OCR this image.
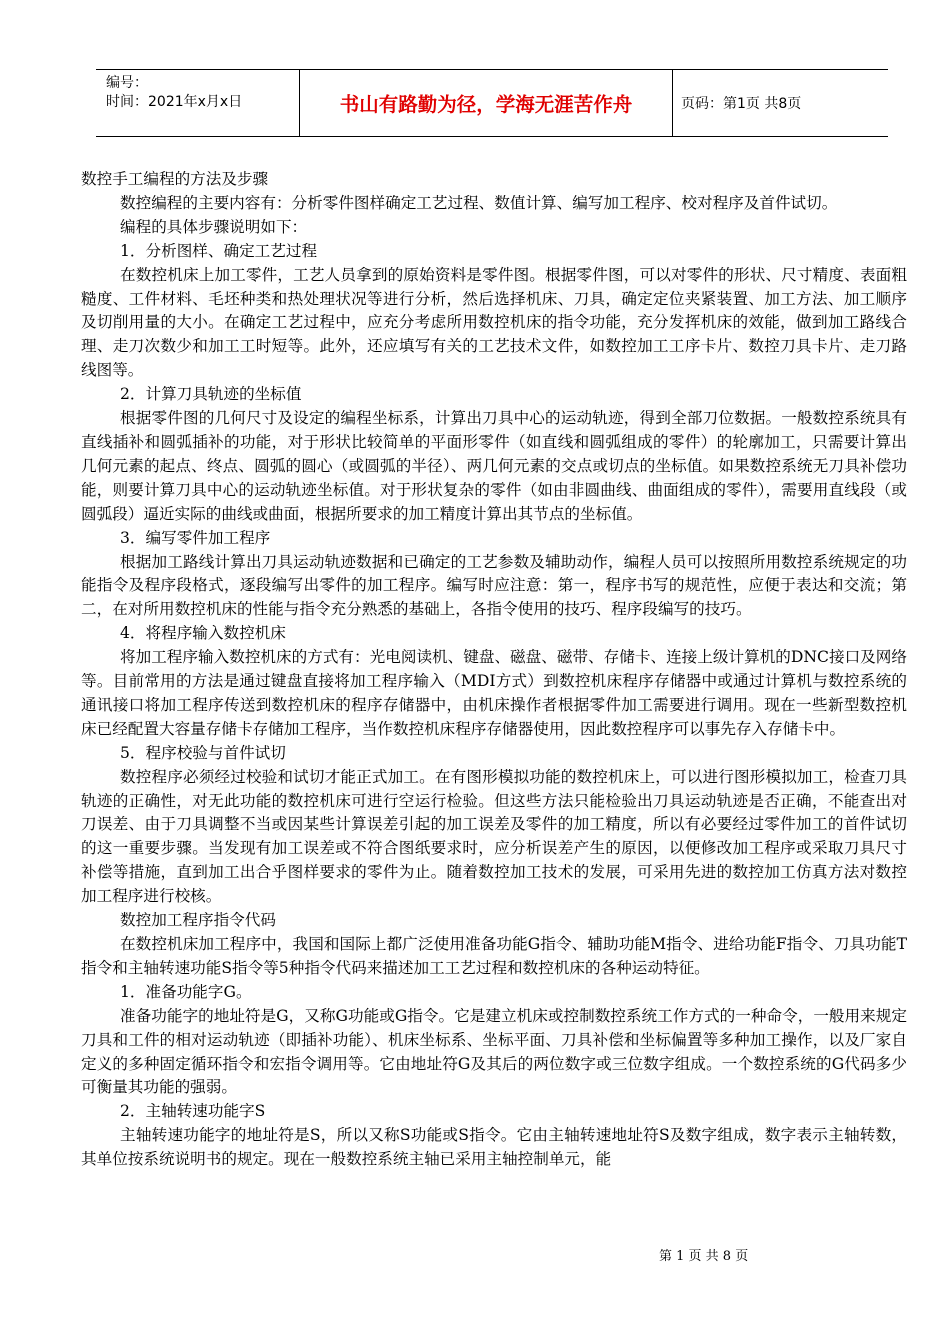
编号：
时间：2021年x月x日	书山有路勤为径，学海无涯苦作舟	页码：第1页 共8页

数控手工编程的方法及步骤

数控编程的主要内容有：分析零件图样确定工艺过程、数值计算、编写加工程序、校对程序及首件试切。

编程的具体步骤说明如下：

1．分析图样、确定工艺过程

在数控机床上加工零件，工艺人员拿到的原始资料是零件图。根据零件图，可以对零件的形状、尺寸精度、表面粗糙度、工件材料、毛坯种类和热处理状况等进行分析，然后选择机床、刀具，确定定位夹紧装置、加工方法、加工顺序及切削用量的大小。在确定工艺过程中，应充分考虑所用数控机床的指令功能，充分发挥机床的效能，做到加工路线合理、走刀次数少和加工工时短等。此外，还应填写有关的工艺技术文件，如数控加工工序卡片、数控刀具卡片、走刀路线图等。

2．计算刀具轨迹的坐标值

根据零件图的几何尺寸及设定的编程坐标系，计算出刀具中心的运动轨迹，得到全部刀位数据。一般数控系统具有直线插补和圆弧插补的功能，对于形状比较简单的平面形零件（如直线和圆弧组成的零件）的轮廓加工，只需要计算出几何元素的起点、终点、圆弧的圆心（或圆弧的半径）、两几何元素的交点或切点的坐标值。如果数控系统无刀具补偿功能，则要计算刀具中心的运动轨迹坐标值。对于形状复杂的零件（如由非圆曲线、曲面组成的零件），需要用直线段（或圆弧段）逼近实际的曲线或曲面，根据所要求的加工精度计算出其节点的坐标值。

3．编写零件加工程序

根据加工路线计算出刀具运动轨迹数据和已确定的工艺参数及辅助动作，编程人员可以按照所用数控系统规定的功能指令及程序段格式，逐段编写出零件的加工程序。编写时应注意：第一，程序书写的规范性，应便于表达和交流；第二，在对所用数控机床的性能与指令充分熟悉的基础上，各指令使用的技巧、程序段编写的技巧。

4．将程序输入数控机床

将加工程序输入数控机床的方式有：光电阅读机、键盘、磁盘、磁带、存储卡、连接上级计算机的DNC接口及网络等。目前常用的方法是通过键盘直接将加工程序输入（MDI方式）到数控机床程序存储器中或通过计算机与数控系统的通讯接口将加工程序传送到数控机床的程序存储器中，由机床操作者根据零件加工需要进行调用。现在一些新型数控机床已经配置大容量存储卡存储加工程序，当作数控机床程序存储器使用，因此数控程序可以事先存入存储卡中。

5．程序校验与首件试切

数控程序必须经过校验和试切才能正式加工。在有图形模拟功能的数控机床上，可以进行图形模拟加工，检查刀具轨迹的正确性，对无此功能的数控机床可进行空运行检验。但这些方法只能检验出刀具运动轨迹是否正确，不能查出对刀误差、由于刀具调整不当或因某些计算误差引起的加工误差及零件的加工精度，所以有必要经过零件加工的首件试切的这一重要步骤。当发现有加工误差或不符合图纸要求时，应分析误差产生的原因，以便修改加工程序或采取刀具尺寸补偿等措施，直到加工出合乎图样要求的零件为止。随着数控加工技术的发展，可采用先进的数控加工仿真方法对数控加工程序进行校核。

数控加工程序指令代码

在数控机床加工程序中，我国和国际上都广泛使用准备功能G指令、辅助功能M指令、进给功能F指令、刀具功能T指令和主轴转速功能S指令等5种指令代码来描述加工工艺过程和数控机床的各种运动特征。

1．准备功能字G。

准备功能字的地址符是G，又称G功能或G指令。它是建立机床或控制数控系统工作方式的一种命令，一般用来规定刀具和工件的相对运动轨迹（即插补功能）、机床坐标系、坐标平面、刀具补偿和坐标偏置等多种加工操作，以及厂家自定义的多种固定循环指令和宏指令调用等。它由地址符G及其后的两位数字或三位数字组成。一个数控系统的G代码多少可衡量其功能的强弱。

2．主轴转速功能字S

主轴转速功能字的地址符是S，所以又称S功能或S指令。它由主轴转速地址符S及数字组成，数字表示主轴转数，其单位按系统说明书的规定。现在一般数控系统主轴已采用主轴控制单元，能

第 1 页 共 8 页
